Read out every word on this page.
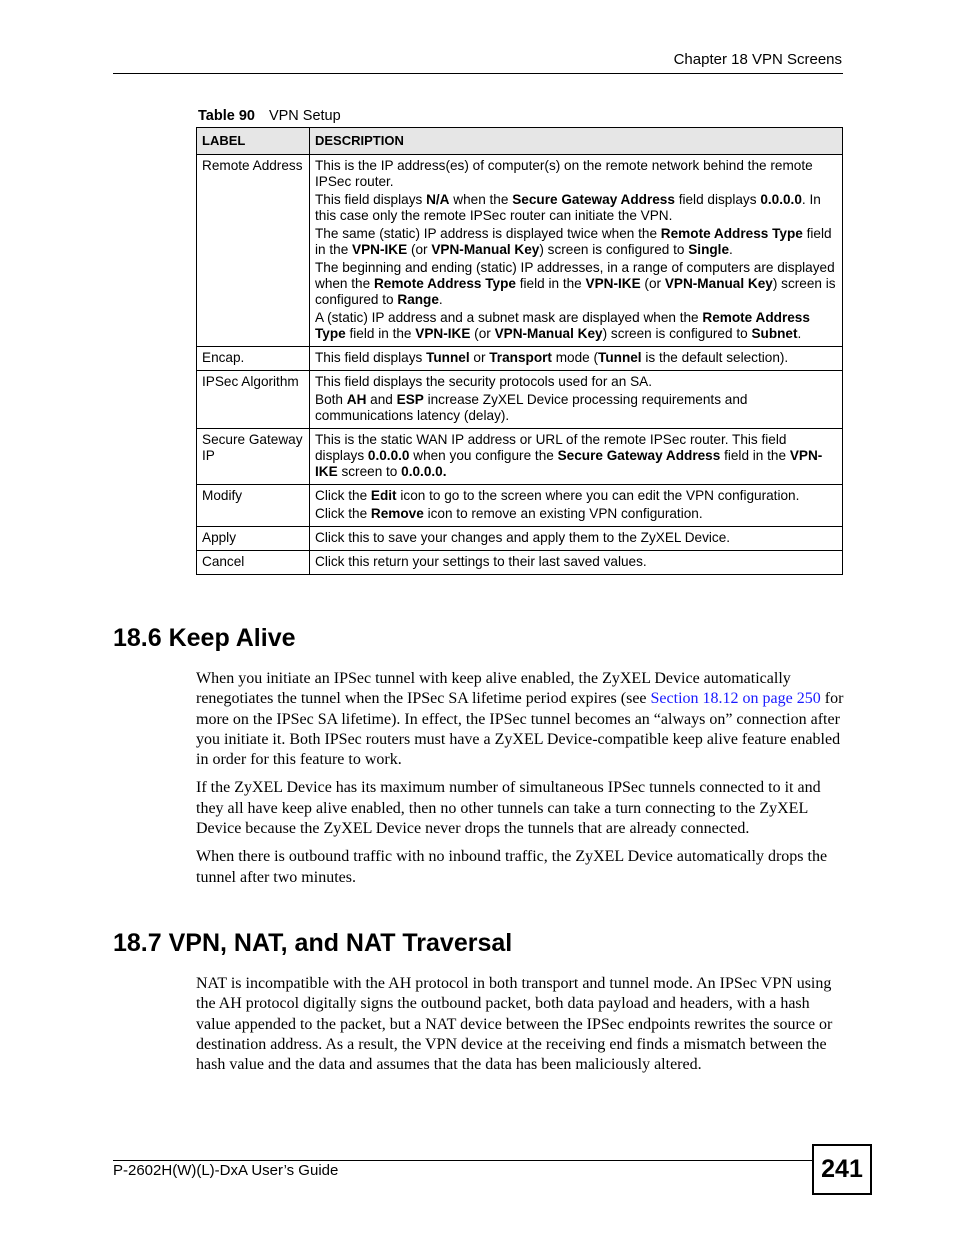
Chapter 18 VPN Screens
Table 90 VPN Setup
LABEL	DESCRIPTION
Remote Address	This is the IP address(es) of computer(s) on the remote network behind the remote IPSec router.

This field displays N/A when the Secure Gateway Address field displays 0.0.0.0. In this case only the remote IPSec router can initiate the VPN.

The same (static) IP address is displayed twice when the Remote Address Type field in the VPN-IKE (or VPN-Manual Key) screen is configured to Single.

The beginning and ending (static) IP addresses, in a range of computers are displayed when the Remote Address Type field in the VPN-IKE (or VPN-Manual Key) screen is configured to Range.

A (static) IP address and a subnet mask are displayed when the Remote Address Type field in the VPN-IKE (or VPN-Manual Key) screen is configured to Subnet.

Encap.	This field displays Tunnel or Transport mode (Tunnel is the default selection).

IPSec Algorithm	This field displays the security protocols used for an SA.

Both AH and ESP increase ZyXEL Device processing requirements and communications latency (delay).

Secure Gateway IP	This is the static WAN IP address or URL of the remote IPSec router. This field displays 0.0.0.0 when you configure the Secure Gateway Address field in the VPN-IKE screen to 0.0.0.0.

Modify	Click the Edit icon to go to the screen where you can edit the VPN configuration.

Click the Remove icon to remove an existing VPN configuration.

Apply	Click this to save your changes and apply them to the ZyXEL Device.

Cancel	Click this return your settings to their last saved values.

18.6 Keep Alive

When you initiate an IPSec tunnel with keep alive enabled, the ZyXEL Device automatically renegotiates the tunnel when the IPSec SA lifetime period expires (see Section 18.12 on page 250 for more on the IPSec SA lifetime). In effect, the IPSec tunnel becomes an “always on” connection after you initiate it. Both IPSec routers must have a ZyXEL Device-compatible keep alive feature enabled in order for this feature to work.

If the ZyXEL Device has its maximum number of simultaneous IPSec tunnels connected to it and they all have keep alive enabled, then no other tunnels can take a turn connecting to the ZyXEL Device because the ZyXEL Device never drops the tunnels that are already connected.

When there is outbound traffic with no inbound traffic, the ZyXEL Device automatically drops the tunnel after two minutes.

18.7 VPN, NAT, and NAT Traversal

NAT is incompatible with the AH protocol in both transport and tunnel mode. An IPSec VPN using the AH protocol digitally signs the outbound packet, both data payload and headers, with a hash value appended to the packet, but a NAT device between the IPSec endpoints rewrites the source or destination address. As a result, the VPN device at the receiving end finds a mismatch between the hash value and the data and assumes that the data has been maliciously altered.

P-2602H(W)(L)-DxA User’s Guide	241
